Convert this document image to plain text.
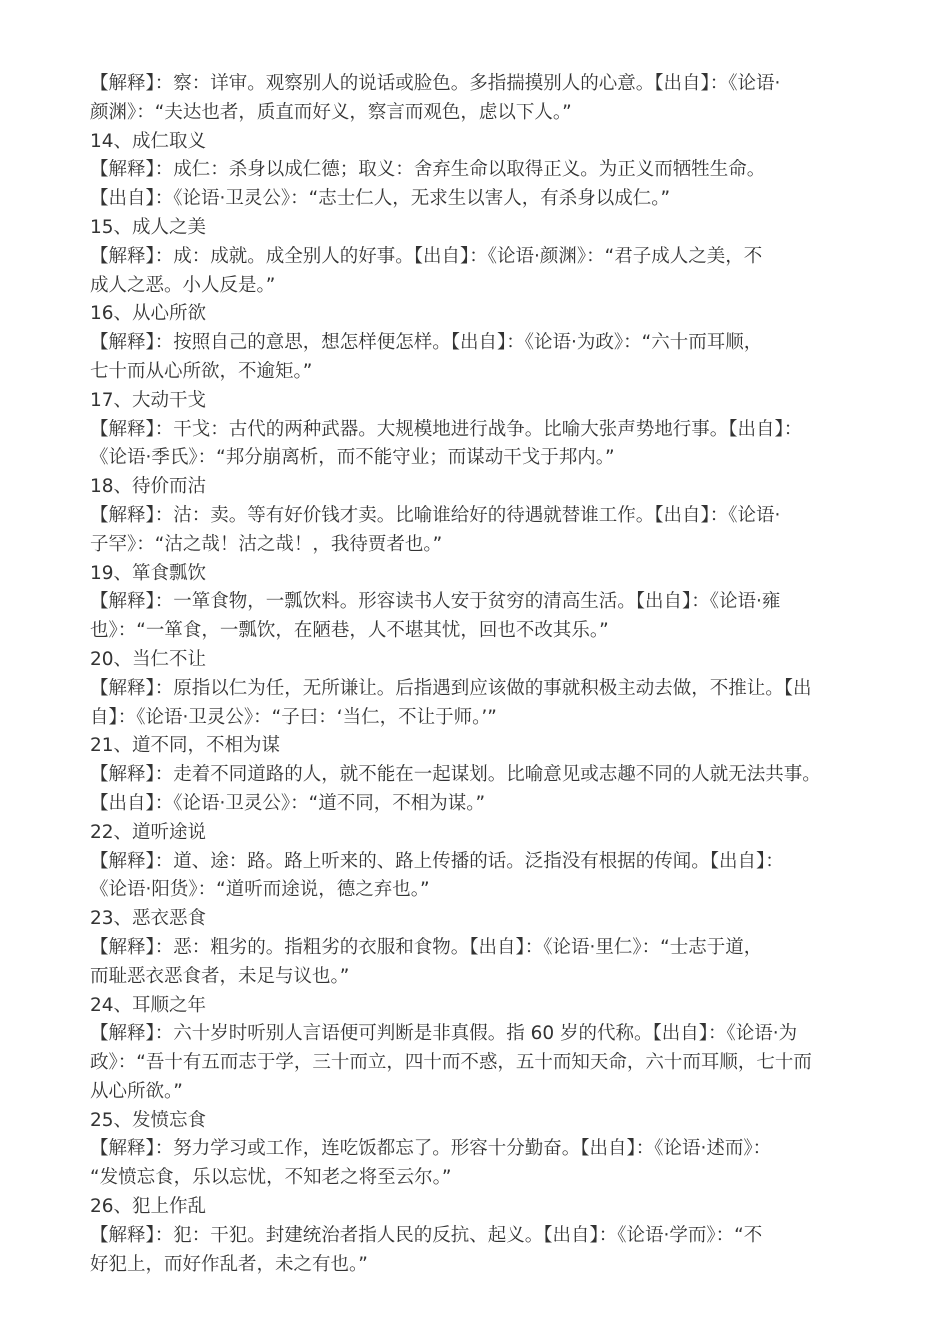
【解释】：察：详审。观察别人的说话或脸色。多指揣摸别人的心意。【出自】：《论语·
颜渊》：“夫达也者，质直而好义，察言而观色，虑以下人。”
14、成仁取义
【解释】：成仁：杀身以成仁德；取义：舍弃生命以取得正义。为正义而牺牲生命。
【出自】：《论语·卫灵公》：“志士仁人，无求生以害人，有杀身以成仁。”
15、成人之美
【解释】：成：成就。成全别人的好事。【出自】：《论语·颜渊》：“君子成人之美，不
成人之恶。小人反是。”
16、从心所欲
【解释】：按照自己的意思，想怎样便怎样。【出自】：《论语·为政》：“六十而耳顺，
七十而从心所欲，不逾矩。”
17、大动干戈
【解释】：干戈：古代的两种武器。大规模地进行战争。比喻大张声势地行事。【出自】：
《论语·季氏》：“邦分崩离析，而不能守业；而谋动干戈于邦内。”
18、待价而沽
【解释】：沽：卖。等有好价钱才卖。比喻谁给好的待遇就替谁工作。【出自】：《论语·
子罕》：“沽之哉！沽之哉！，我待贾者也。”
19、箪食瓢饮
【解释】：一箪食物，一瓢饮料。形容读书人安于贫穷的清高生活。【出自】：《论语·雍
也》：“一箪食，一瓢饮，在陋巷，人不堪其忧，回也不改其乐。”
20、当仁不让
【解释】：原指以仁为任，无所谦让。后指遇到应该做的事就积极主动去做，不推让。【出
自】：《论语·卫灵公》：“子曰：‘当仁，不让于师。’”
21、道不同，不相为谋
【解释】：走着不同道路的人，就不能在一起谋划。比喻意见或志趣不同的人就无法共事。
【出自】：《论语·卫灵公》：“道不同，不相为谋。”
22、道听途说
【解释】：道、途：路。路上听来的、路上传播的话。泛指没有根据的传闻。【出自】：
《论语·阳货》：“道听而途说，德之弃也。”
23、恶衣恶食
【解释】：恶：粗劣的。指粗劣的衣服和食物。【出自】：《论语·里仁》：“士志于道，
而耻恶衣恶食者，未足与议也。”
24、耳顺之年
【解释】：六十岁时听别人言语便可判断是非真假。指 60 岁的代称。【出自】：《论语·为
政》：“吾十有五而志于学，三十而立，四十而不惑，五十而知天命，六十而耳顺，七十而
从心所欲。”
25、发愤忘食
【解释】：努力学习或工作，连吃饭都忘了。形容十分勤奋。【出自】：《论语·述而》：
“发愤忘食，乐以忘忧，不知老之将至云尔。”
26、犯上作乱
【解释】：犯：干犯。封建统治者指人民的反抗、起义。【出自】：《论语·学而》：“不
好犯上，而好作乱者，未之有也。”
